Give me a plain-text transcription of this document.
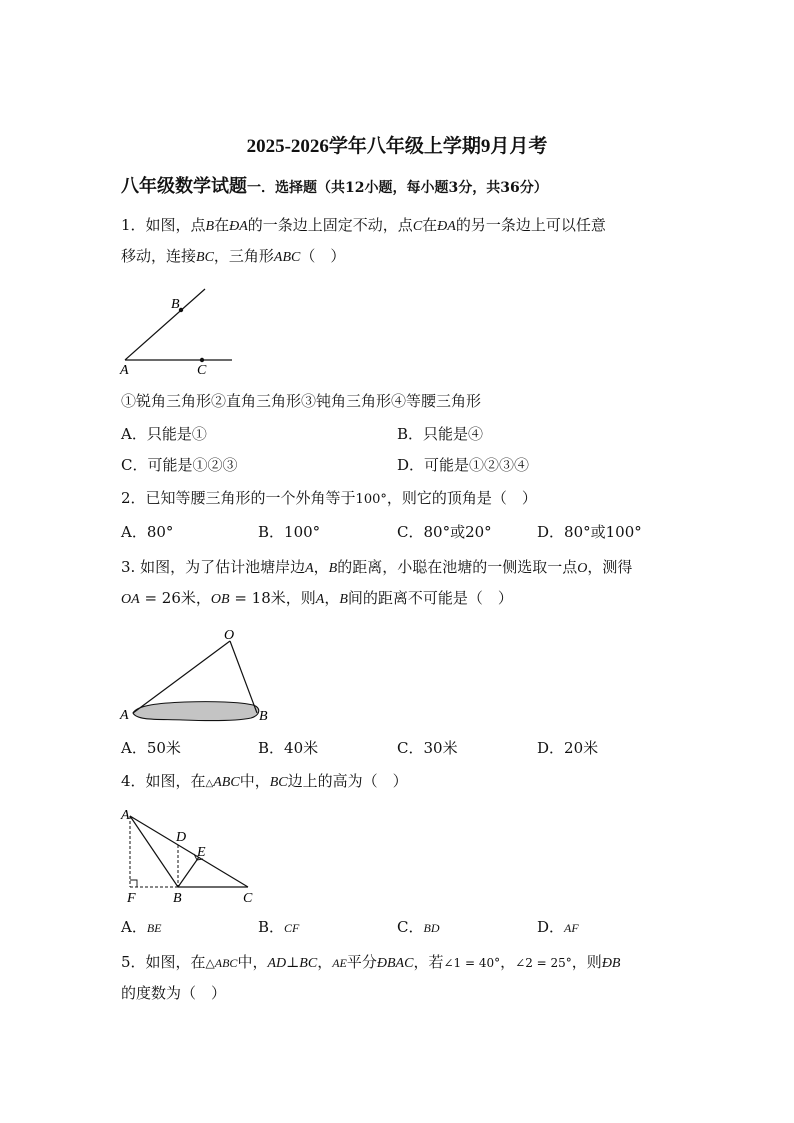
2025-2026学年八年级上学期9月月考
八年级数学试题一．选择题（共12小题，每小题3分，共36分）
1．如图，点B在ÐA的一条边上固定不动，点C在ÐA的另一条边上可以任意
移动，连接BC，三角形ABC（　）
B
A	C
①锐角三角形②直角三角形③钝角三角形④等腰三角形
A．只能是①	B．只能是④
C．可能是①②③	D．可能是①②③④
2．已知等腰三角形的一个外角等于100°，则它的顶角是（　）
A．80°	B．100°	C．80°或20°	D．80°或100°
3. 如图，为了估计池塘岸边A，B的距离，小聪在池塘的一侧选取一点O，测得
OA = 26米，OB = 18米，则A，B间的距离不可能是（　）
O
A	B
A．50米	B．40米	C．30米	D．20米
4．如图，在△ABC中，BC边上的高为（　）
A
D
E
F	B	C
A．BE	B．CF	C．BD	D．AF
5．如图，在△ABC中，AD⊥BC，AE平分ÐBAC，若∠1 = 40°，∠2 = 25°，则ÐB
的度数为（　）
